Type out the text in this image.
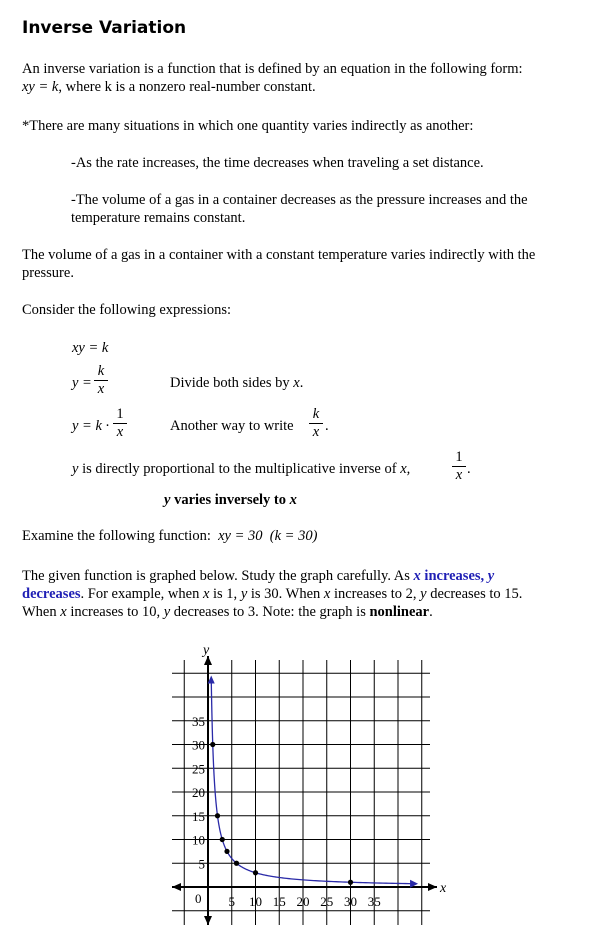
Inverse Variation
An inverse variation is a function that is defined by an equation in the following form:
xy = k, where k is a nonzero real-number constant.
*There are many situations in which one quantity varies indirectly as another:
-As the rate increases, the time decreases when traveling a set distance.
-The volume of a gas in a container decreases as the pressure increases and the
temperature remains constant.
The volume of a gas in a container with a constant temperature varies indirectly with the
pressure.
Consider the following expressions:
xy = k
y =
k
x	Divide both sides by x.
y = k ·
1
x	Another way to write
k
x .
y is directly proportional to the multiplicative inverse of x,
1
x .
y varies inversely to x
Examine the following function: xy = 30 (k = 30)
The given function is graphed below. Study the graph carefully. As x increases, y
decreases. For example, when x is 1, y is 30. When x increases to 2, y decreases to 15.
When x increases to 10, y decreases to 3. Note: the graph is nonlinear.
x
y
0
5
10
15
20
25
30
35
5 10 15 20 25 30 35
